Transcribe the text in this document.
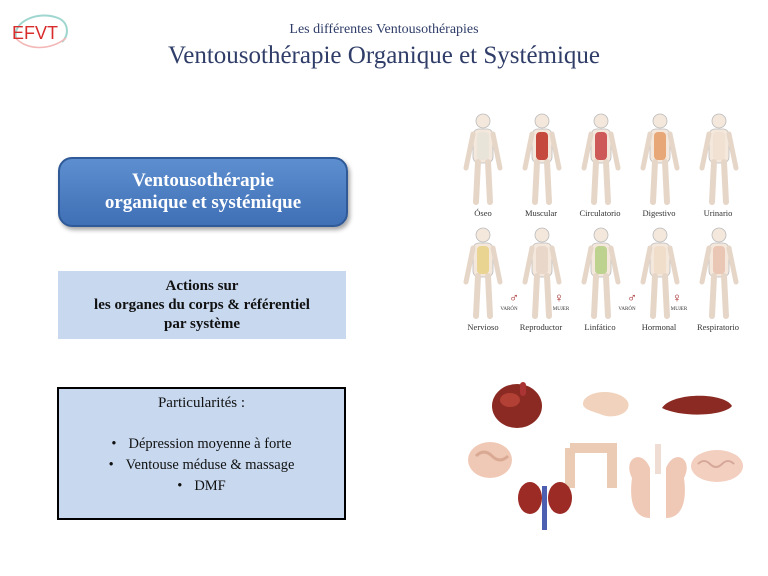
EFVT	Les différentes Ventousothérapies
Ventousothérapie Organique et Systémique
Ventousothérapie
organique et systémique
Actions sur
les organes du corps & référentiel
par système
Particularités :
• Dépression moyenne à forte
• Ventouse méduse & massage
• DMF
Óseo	Muscular	Circulatorio	Digestivo	Urinario
Nervioso	Reproductor	Linfático	Hormonal	Respiratorio
VARÓN	MUJER	VARÓN	MUJER
♂	♀	♂	♀
